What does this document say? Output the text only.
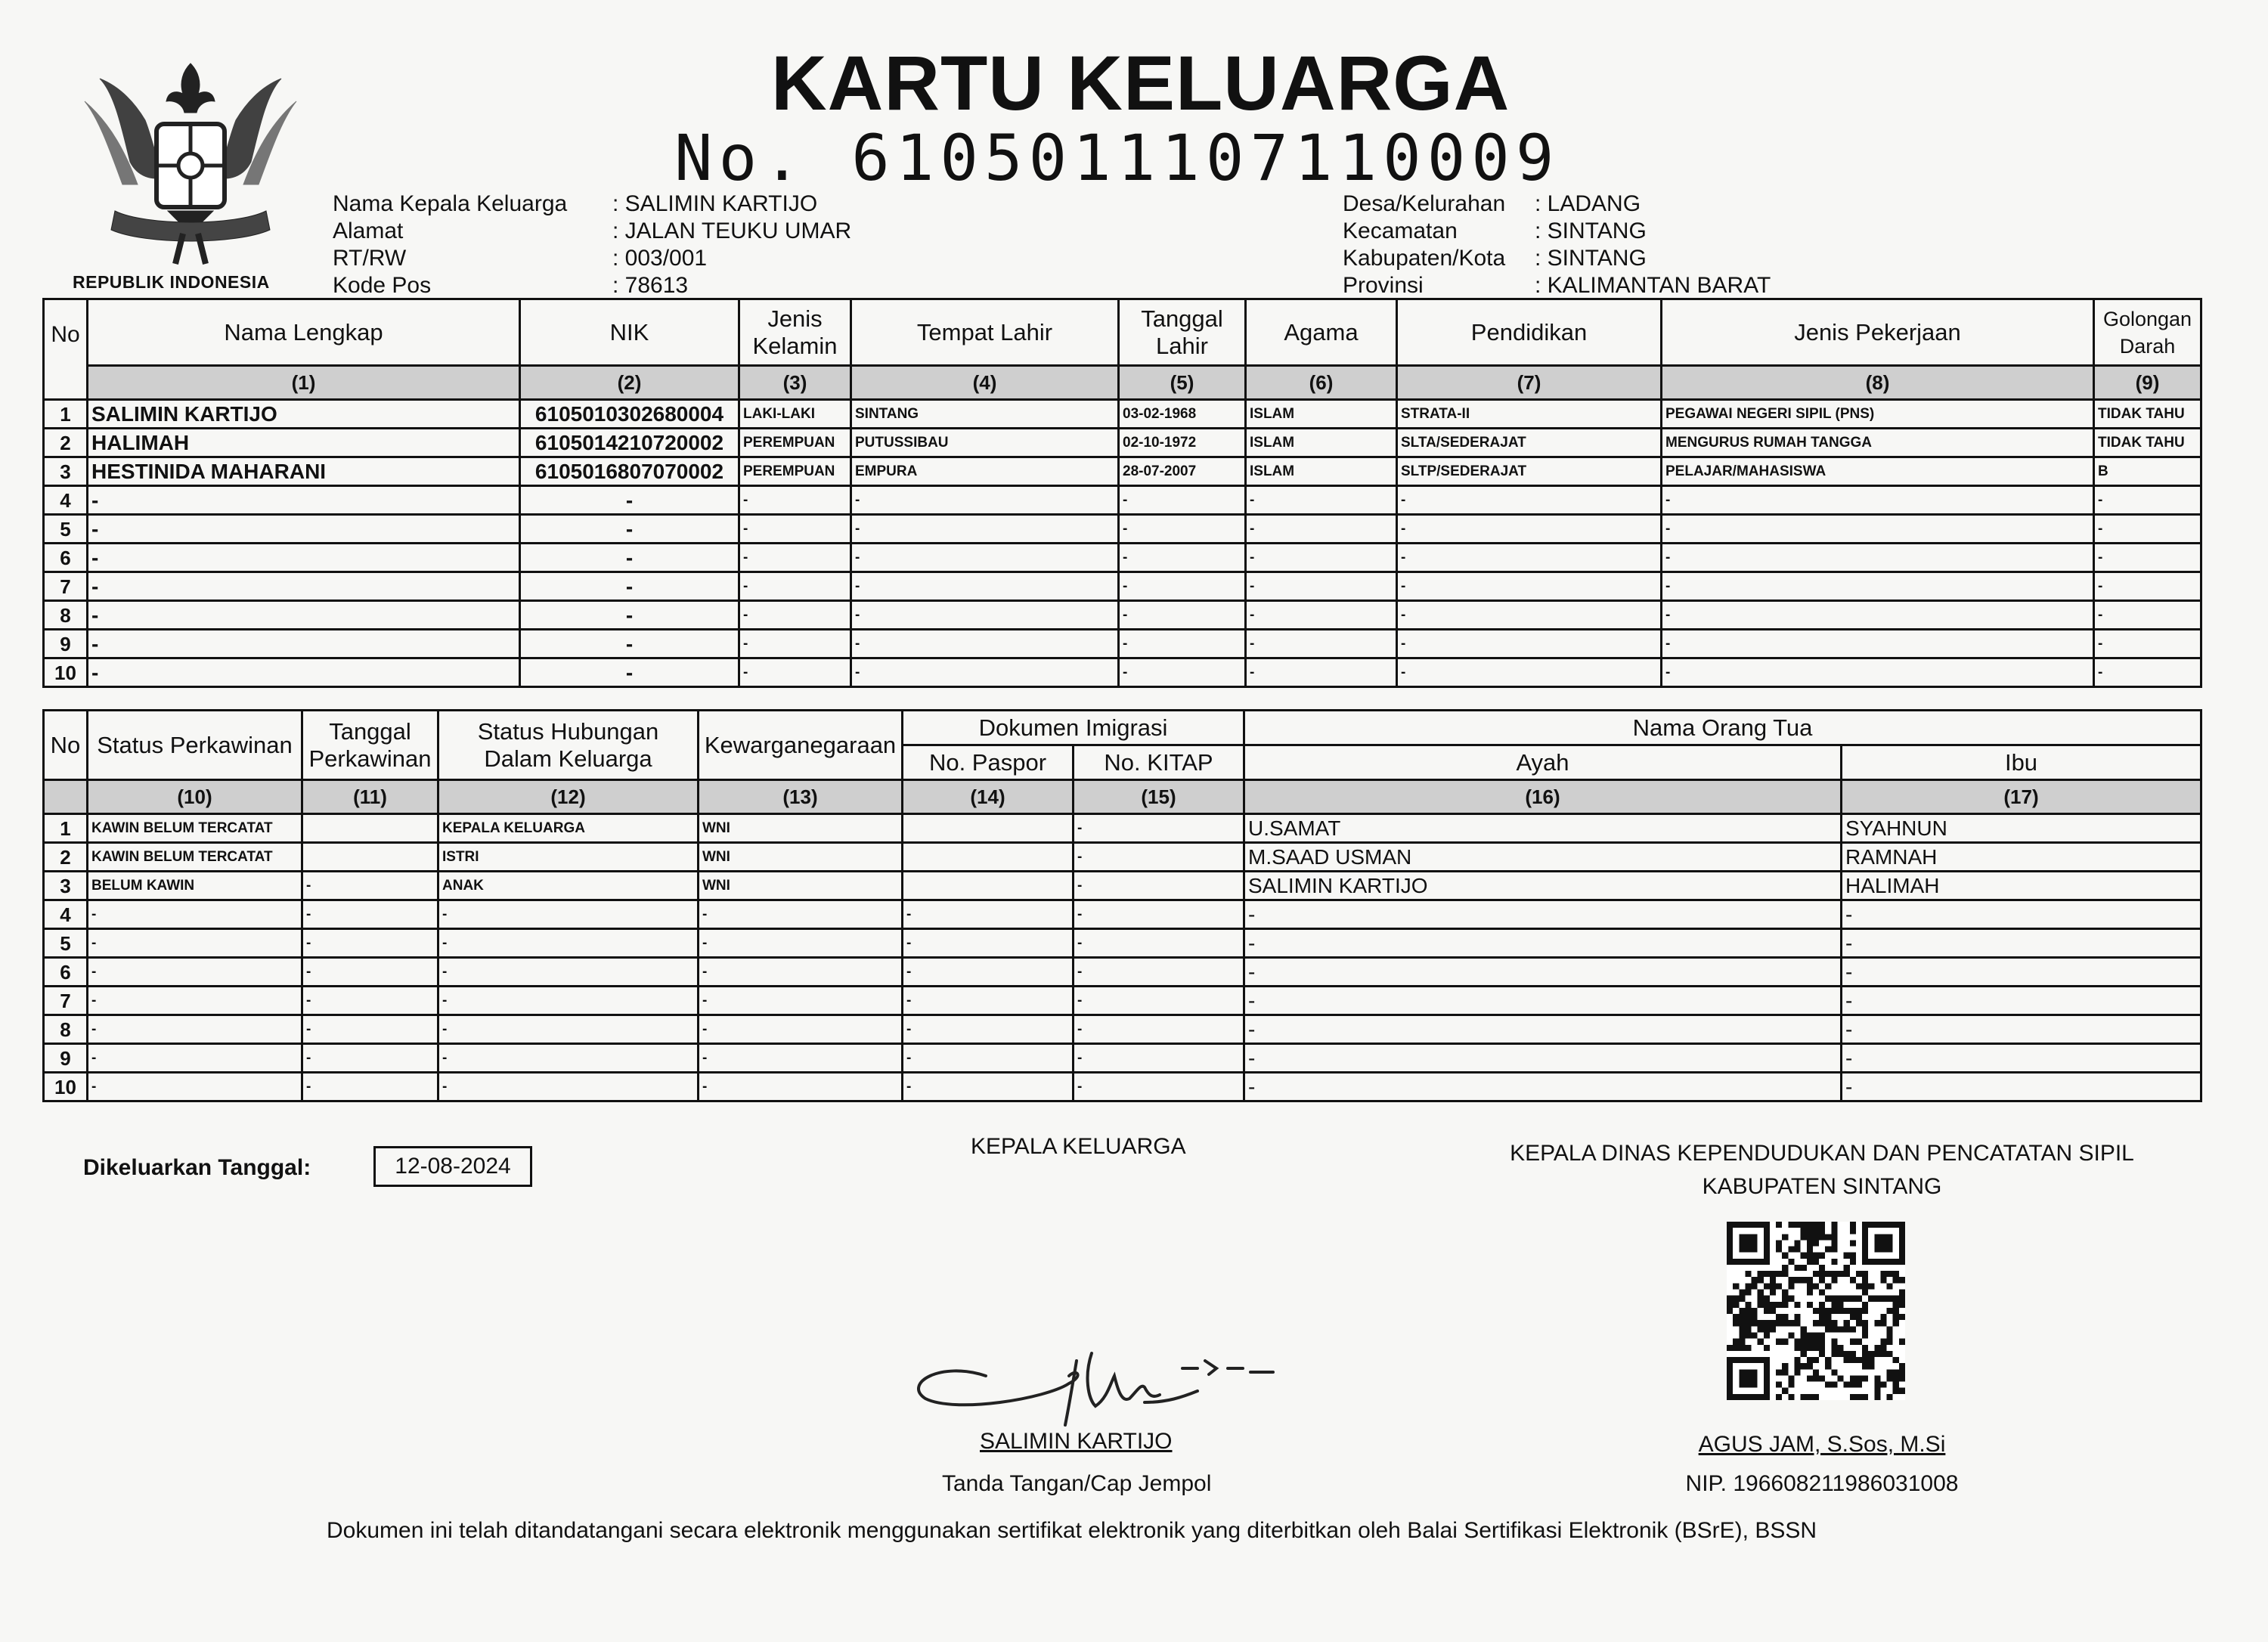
REPUBLIK INDONESIA
KARTU KELUARGA
No. 6105011107110009
Nama Kepala Keluarga	: SALIMIN KARTIJO
Alamat	: JALAN TEUKU UMAR
RT/RW	: 003/001
Kode Pos	: 78613
Desa/Kelurahan	: LADANG
Kecamatan	: SINTANG
Kabupaten/Kota	: SINTANG
Provinsi	: KALIMANTAN BARAT
No	Nama Lengkap	NIK	Jenis Kelamin	Tempat Lahir	Tanggal Lahir	Agama	Pendidikan	Jenis Pekerjaan	Golongan Darah
	(1)	(2)	(3)	(4)	(5)	(6)	(7)	(8)	(9)
1	SALIMIN KARTIJO	6105010302680004	LAKI-LAKI	SINTANG	03-02-1968	ISLAM	STRATA-II	PEGAWAI NEGERI SIPIL (PNS)	TIDAK TAHU
2	HALIMAH	6105014210720002	PEREMPUAN	PUTUSSIBAU	02-10-1972	ISLAM	SLTA/SEDERAJAT	MENGURUS RUMAH TANGGA	TIDAK TAHU
3	HESTINIDA MAHARANI	6105016807070002	PEREMPUAN	EMPURA	28-07-2007	ISLAM	SLTP/SEDERAJAT	PELAJAR/MAHASISWA	B
4	-	-	-	-	-	-	-	-	-
5	-	-	-	-	-	-	-	-	-
6	-	-	-	-	-	-	-	-	-
7	-	-	-	-	-	-	-	-	-
8	-	-	-	-	-	-	-	-	-
9	-	-	-	-	-	-	-	-	-
10	-	-	-	-	-	-	-	-	-
No	Status Perkawinan	Tanggal Perkawinan	Status Hubungan Dalam Keluarga	Kewarganegaraan	Dokumen Imigrasi		Nama Orang Tua	
					No. Paspor	No. KITAP	Ayah	Ibu
	(10)	(11)	(12)	(13)	(14)	(15)	(16)	(17)
1	KAWIN BELUM TERCATAT		KEPALA KELUARGA	WNI		-	U.SAMAT	SYAHNUN
2	KAWIN BELUM TERCATAT		ISTRI	WNI		-	M.SAAD USMAN	RAMNAH
3	BELUM KAWIN	-	ANAK	WNI		-	SALIMIN KARTIJO	HALIMAH
4	-	-	-	-	-	-	-	-
5	-	-	-	-	-	-	-	-
6	-	-	-	-	-	-	-	-
7	-	-	-	-	-	-	-	-
8	-	-	-	-	-	-	-	-
9	-	-	-	-	-	-	-	-
10	-	-	-	-	-	-	-	-
Dikeluarkan Tanggal:	12-08-2024
KEPALA KELUARGA	KEPALA DINAS KEPENDUDUKAN DAN PENCATATAN SIPIL
KABUPATEN SINTANG
SALIMIN KARTIJO
Tanda Tangan/Cap Jempol
AGUS JAM, S.Sos, M.Si
NIP. 196608211986031008
Dokumen ini telah ditandatangani secara elektronik menggunakan sertifikat elektronik yang diterbitkan oleh Balai Sertifikasi Elektronik (BSrE), BSSN
